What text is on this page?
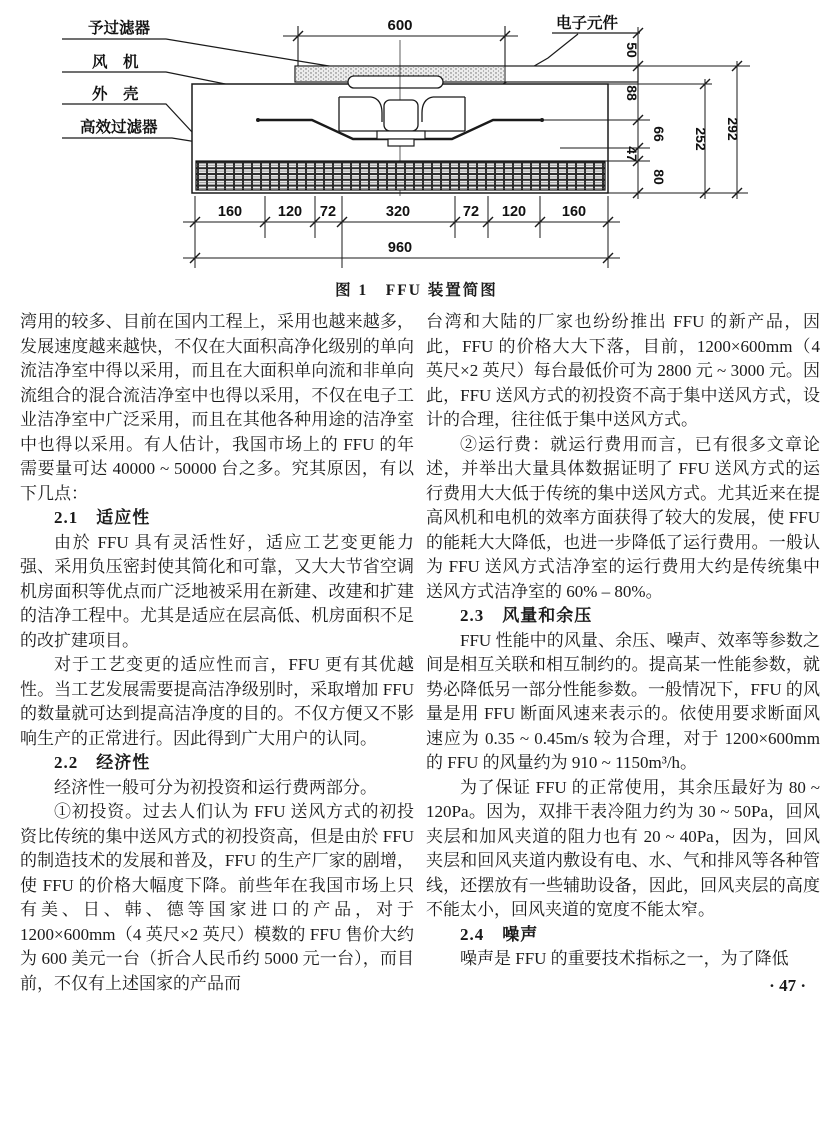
600
50
88
66
47
80
252 292
160 120 72	320	72 120 160
960
予过滤器
风　机
外　壳
高效过滤器
电子元件
图 1　FFU 装置简图

湾用的较多、目前在国内工程上，采用也越来越多，发展速度越来越快，不仅在大面积高净化级别的单向流洁净室中得以采用，而且在大面积单向流和非单向流组合的混合流洁净室中也得以采用，不仅在电子工业洁净室中广泛采用，而且在其他各种用途的洁净室中也得以采用。有人估计，我国市场上的 FFU 的年需要量可达 40000 ~ 50000 台之多。究其原因，有以下几点：

2.1　适应性

由於 FFU 具有灵活性好，适应工艺变更能力强、采用负压密封使其简化和可靠，又大大节省空调机房面积等优点而广泛地被采用在新建、改建和扩建的洁净工程中。尤其是适应在层高低、机房面积不足的改扩建项目。

对于工艺变更的适应性而言，FFU 更有其优越性。当工艺发展需要提高洁净级别时，采取增加 FFU 的数量就可达到提高洁净度的目的。不仅方便又不影响生产的正常进行。因此得到广大用户的认同。

2.2　经济性

经济性一般可分为初投资和运行费两部分。

①初投资。过去人们认为 FFU 送风方式的初投资比传统的集中送风方式的初投资高，但是由於 FFU 的制造技术的发展和普及，FFU 的生产厂家的剧增，使 FFU 的价格大幅度下降。前些年在我国市场上只有美、日、韩、德等国家进口的产品，对于 1200×600mm（4 英尺×2 英尺）模数的 FFU 售价大约为 600 美元一台（折合人民币约 5000 元一台），而目前，不仅有上述国家的产品而

台湾和大陆的厂家也纷纷推出 FFU 的新产品，因此，FFU 的价格大大下落，目前，1200×600mm（4 英尺×2 英尺）每台最低价可为 2800 元 ~ 3000 元。因此，FFU 送风方式的初投资不高于集中送风方式，设计的合理，往往低于集中送风方式。

②运行费：就运行费用而言，已有很多文章论述，并举出大量具体数据证明了 FFU 送风方式的运行费用大大低于传统的集中送风方式。尤其近来在提高风机和电机的效率方面获得了较大的发展，使 FFU 的能耗大大降低，也进一步降低了运行费用。一般认为 FFU 送风方式洁净室的运行费用大约是传统集中送风方式洁净室的 60% – 80%。

2.3　风量和余压

FFU 性能中的风量、余压、噪声、效率等参数之间是相互关联和相互制约的。提高某一性能参数，就势必降低另一部分性能参数。一般情况下，FFU 的风量是用 FFU 断面风速来表示的。依使用要求断面风速应为 0.35 ~ 0.45m/s 较为合理，对于 1200×600mm 的 FFU 的风量约为 910 ~ 1150m³/h。

为了保证 FFU 的正常使用，其余压最好为 80 ~ 120Pa。因为，双排干表冷阻力约为 30 ~ 50Pa，回风夹层和加风夹道的阻力也有 20 ~ 40Pa，因为，回风夹层和回风夹道内敷设有电、水、气和排风等各种管线，还摆放有一些辅助设备，因此，回风夹层的高度不能太小，回风夹道的宽度不能太窄。

2.4　噪声

噪声是 FFU 的重要技术指标之一，为了降低

· 47 ·
